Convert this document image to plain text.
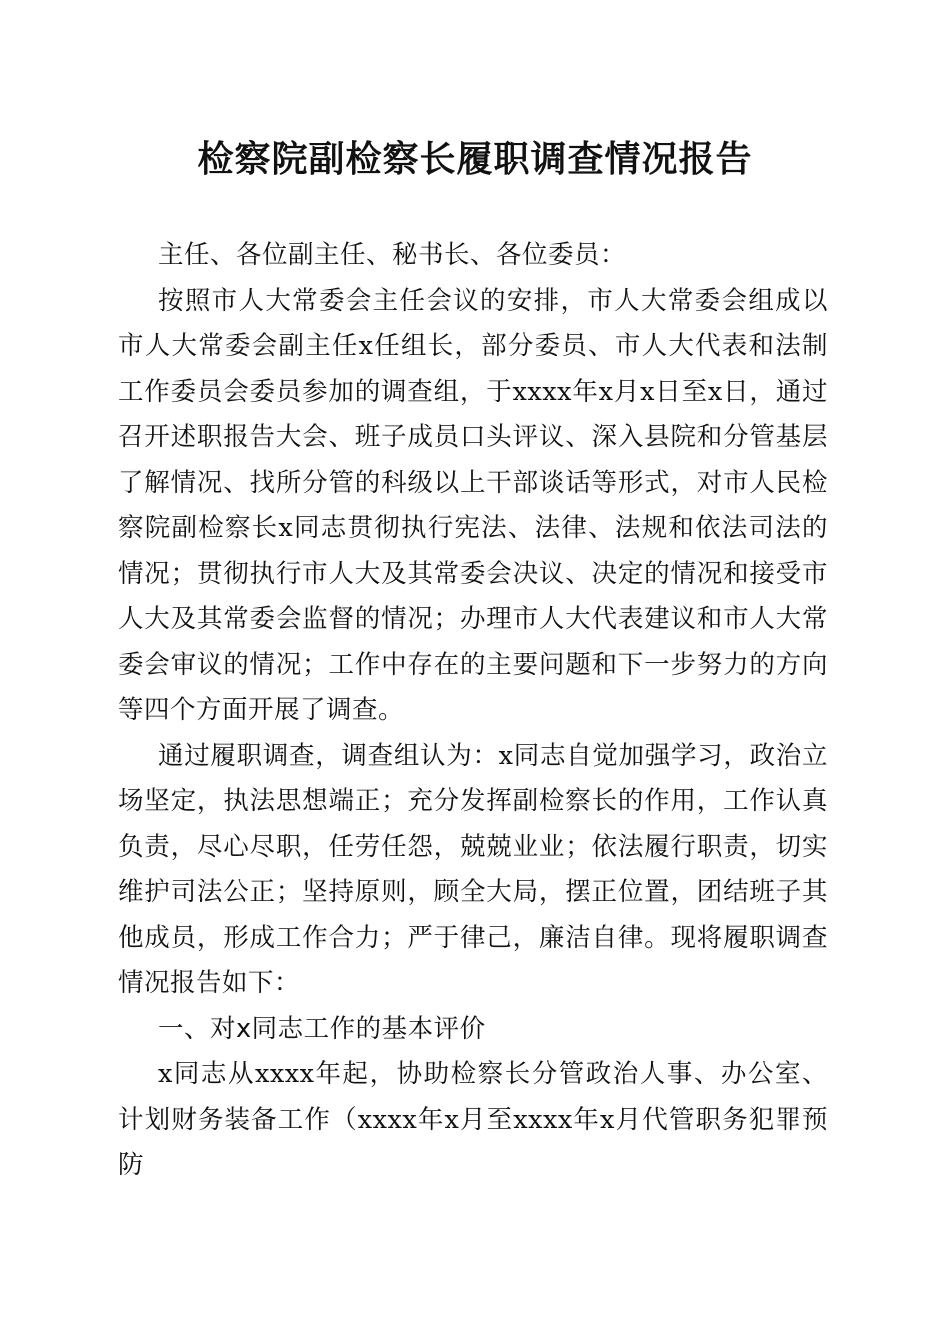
检察院副检察长履职调查情况报告

主任、各位副主任、秘书长、各位委员：

按照市人大常委会主任会议的安排，市人大常委会组成以市人大常委会副主任x任组长，部分委员、市人大代表和法制工作委员会委员参加的调查组，于xxxx年x月x日至x日，通过召开述职报告大会、班子成员口头评议、深入县院和分管基层了解情况、找所分管的科级以上干部谈话等形式，对市人民检察院副检察长x同志贯彻执行宪法、法律、法规和依法司法的情况；贯彻执行市人大及其常委会决议、决定的情况和接受市人大及其常委会监督的情况；办理市人大代表建议和市人大常委会审议的情况；工作中存在的主要问题和下一步努力的方向等四个方面开展了调查。

通过履职调查，调查组认为：x同志自觉加强学习，政治立场坚定，执法思想端正；充分发挥副检察长的作用，工作认真负责，尽心尽职，任劳任怨，兢兢业业；依法履行职责，切实维护司法公正；坚持原则，顾全大局，摆正位置，团结班子其他成员，形成工作合力；严于律己，廉洁自律。现将履职调查情况报告如下：

一、对x同志工作的基本评价

x同志从xxxx年起，协助检察长分管政治人事、办公室、计划财务装备工作（xxxx年x月至xxxx年x月代管职务犯罪预防
